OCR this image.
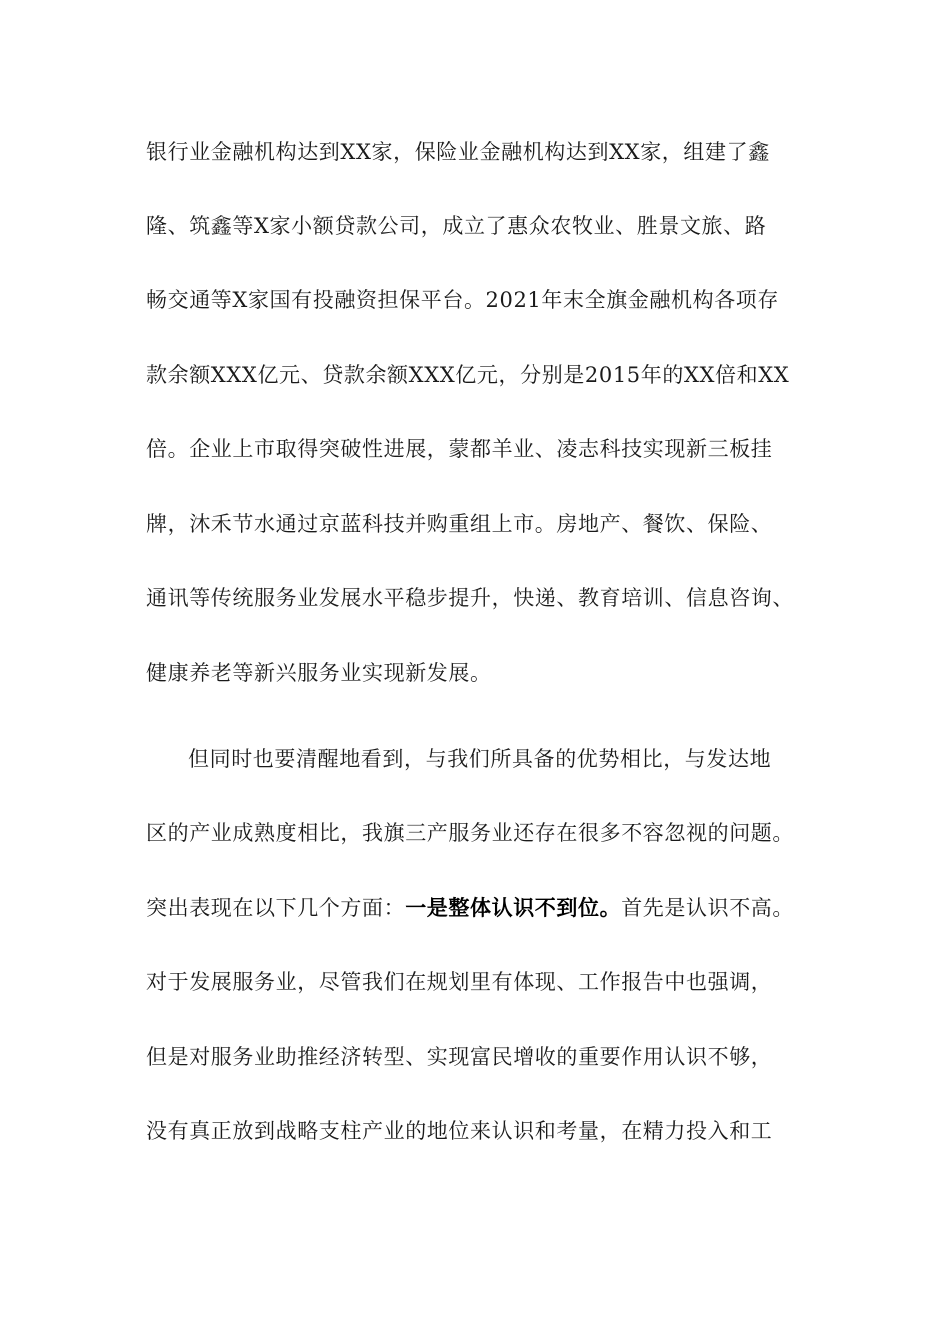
银行业金融机构达到XX家，保险业金融机构达到XX家，组建了鑫
隆、筑鑫等X家小额贷款公司，成立了惠众农牧业、胜景文旅、路
畅交通等X家国有投融资担保平台。2021年末全旗金融机构各项存
款余额XXX亿元、贷款余额XXX亿元，分别是2015年的XX倍和XX
倍。企业上市取得突破性进展，蒙都羊业、凌志科技实现新三板挂
牌，沐禾节水通过京蓝科技并购重组上市。房地产、餐饮、保险、
通讯等传统服务业发展水平稳步提升，快递、教育培训、信息咨询、
健康养老等新兴服务业实现新发展。
但同时也要清醒地看到，与我们所具备的优势相比，与发达地
区的产业成熟度相比，我旗三产服务业还存在很多不容忽视的问题。
突出表现在以下几个方面：一是整体认识不到位。首先是认识不高。
对于发展服务业，尽管我们在规划里有体现、工作报告中也强调，
但是对服务业助推经济转型、实现富民增收的重要作用认识不够，
没有真正放到战略支柱产业的地位来认识和考量，在精力投入和工
